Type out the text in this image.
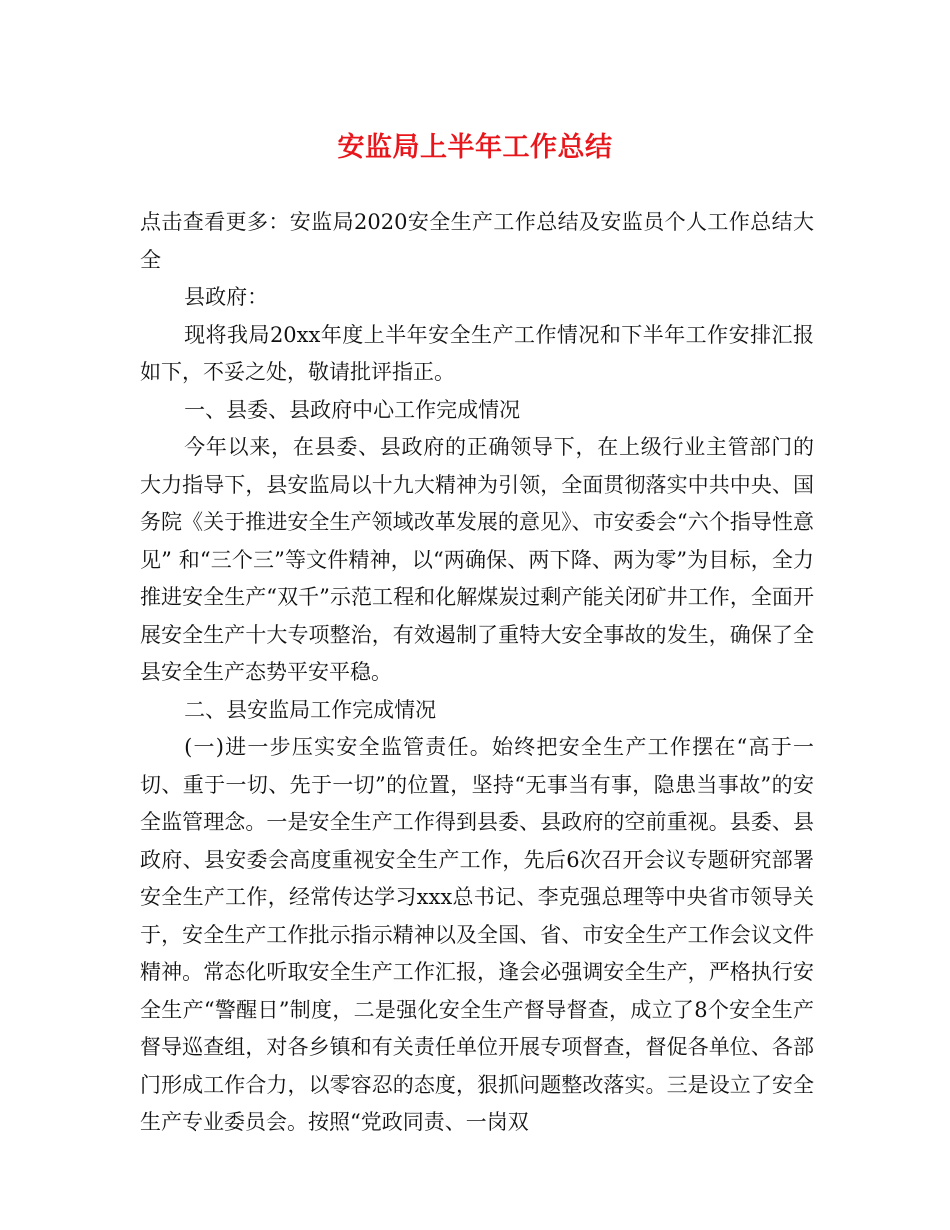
安监局上半年工作总结

点击查看更多：安监局2020安全生产工作总结及安监员个人工作总结大全

县政府：

现将我局20xx年度上半年安全生产工作情况和下半年工作安排汇报如下，不妥之处，敬请批评指正。

一、县委、县政府中心工作完成情况

今年以来，在县委、县政府的正确领导下，在上级行业主管部门的大力指导下，县安监局以十九大精神为引领，全面贯彻落实中共中央、国务院《关于推进安全生产领域改革发展的意见》、市安委会“六个指导性意见” 和“三个三”等文件精神，以“两确保、两下降、两为零”为目标，全力推进安全生产“双千”示范工程和化解煤炭过剩产能关闭矿井工作，全面开展安全生产十大专项整治，有效遏制了重特大安全事故的发生，确保了全县安全生产态势平安平稳。

二、县安监局工作完成情况

(一)进一步压实安全监管责任。始终把安全生产工作摆在“高于一切、重于一切、先于一切”的位置，坚持“无事当有事，隐患当事故”的安全监管理念。一是安全生产工作得到县委、县政府的空前重视。县委、县政府、县安委会高度重视安全生产工作，先后6次召开会议专题研究部署安全生产工作，经常传达学习xxx总书记、李克强总理等中央省市领导关于，安全生产工作批示指示精神以及全国、省、市安全生产工作会议文件精神。常态化听取安全生产工作汇报，逢会必强调安全生产，严格执行安全生产“警醒日”制度，二是强化安全生产督导督查，成立了8个安全生产督导巡查组，对各乡镇和有关责任单位开展专项督查，督促各单位、各部门形成工作合力，以零容忍的态度，狠抓问题整改落实。三是设立了安全生产专业委员会。按照“党政同责、一岗双
